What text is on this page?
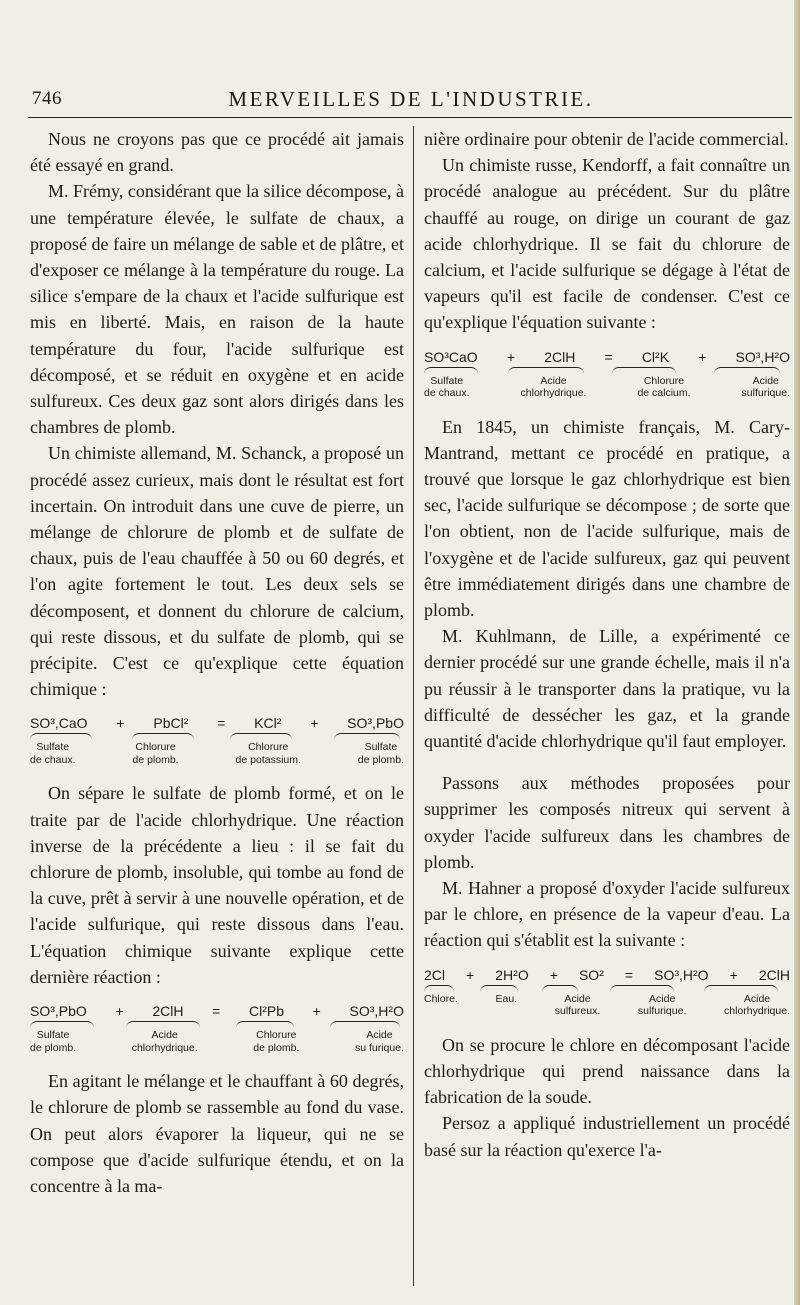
746	MERVEILLES DE L'INDUSTRIE.

Nous ne croyons pas que ce procédé ait jamais été essayé en grand.

M. Frémy, considérant que la silice décompose, à une température élevée, le sulfate de chaux, a proposé de faire un mélange de sable et de plâtre, et d'exposer ce mélange à la température du rouge. La silice s'empare de la chaux et l'acide sulfurique est mis en liberté. Mais, en raison de la haute température du four, l'acide sulfurique est décomposé, et se réduit en oxygène et en acide sulfureux. Ces deux gaz sont alors dirigés dans les chambres de plomb.

Un chimiste allemand, M. Schanck, a proposé un procédé assez curieux, mais dont le résultat est fort incertain. On introduit dans une cuve de pierre, un mélange de chlorure de plomb et de sulfate de chaux, puis de l'eau chauffée à 50 ou 60 degrés, et l'on agite fortement le tout. Les deux sels se décomposent, et donnent du chlorure de calcium, qui reste dissous, et du sulfate de plomb, qui se précipite. C'est ce qu'explique cette équation chimique :

SO³,CaO + PbCl² = KCl² + SO³,PbO
Sulfate
de chaux.
Chlorure
de plomb.
Chlorure
de potassium.
Sulfate
de plomb.

On sépare le sulfate de plomb formé, et on le traite par de l'acide chlorhydrique. Une réaction inverse de la précédente a lieu : il se fait du chlorure de plomb, insoluble, qui tombe au fond de la cuve, prêt à servir à une nouvelle opération, et de l'acide sulfurique, qui reste dissous dans l'eau. L'équation chimique suivante explique cette dernière réaction :

SO³,PbO + 2ClH = Cl²Pb + SO³,H²O
Sulfate
de plomb.
Acide
chlorhydrique.
Chlorure
de plomb.
Acide
su furique.

En agitant le mélange et le chauffant à 60 degrés, le chlorure de plomb se rassemble au fond du vase. On peut alors évaporer la liqueur, qui ne se compose que d'acide sulfurique étendu, et on la concentre à la ma-

nière ordinaire pour obtenir de l'acide commercial.

Un chimiste russe, Kendorff, a fait connaître un procédé analogue au précédent. Sur du plâtre chauffé au rouge, on dirige un courant de gaz acide chlorhydrique. Il se fait du chlorure de calcium, et l'acide sulfurique se dégage à l'état de vapeurs qu'il est facile de condenser. C'est ce qu'explique l'équation suivante :

SO³CaO + 2ClH = Cl²K + SO³,H²O
Sulfate
de chaux.
Acide
chlorhydrique.
Chlorure
de calcium.
Acide
sulfurique.

En 1845, un chimiste français, M. Cary-Mantrand, mettant ce procédé en pratique, a trouvé que lorsque le gaz chlorhydrique est bien sec, l'acide sulfurique se décompose ; de sorte que l'on obtient, non de l'acide sulfurique, mais de l'oxygène et de l'acide sulfureux, gaz qui peuvent être immédiatement dirigés dans une chambre de plomb.

M. Kuhlmann, de Lille, a expérimenté ce dernier procédé sur une grande échelle, mais il n'a pu réussir à le transporter dans la pratique, vu la difficulté de dessécher les gaz, et la grande quantité d'acide chlorhydrique qu'il faut employer.

Passons aux méthodes proposées pour supprimer les composés nitreux qui servent à oxyder l'acide sulfureux dans les chambres de plomb.

M. Hahner a proposé d'oxyder l'acide sulfureux par le chlore, en présence de la vapeur d'eau. La réaction qui s'établit est la suivante :

2Cl + 2H²O + SO² = SO³,H²O + 2ClH
Chlore.	Eau.	Acide
sulfureux.
Acide
sulfurique.
Acide
chlorhydrique.

On se procure le chlore en décomposant l'acide chlorhydrique qui prend naissance dans la fabrication de la soude.

Persoz a appliqué industriellement un procédé basé sur la réaction qu'exerce l'a-
